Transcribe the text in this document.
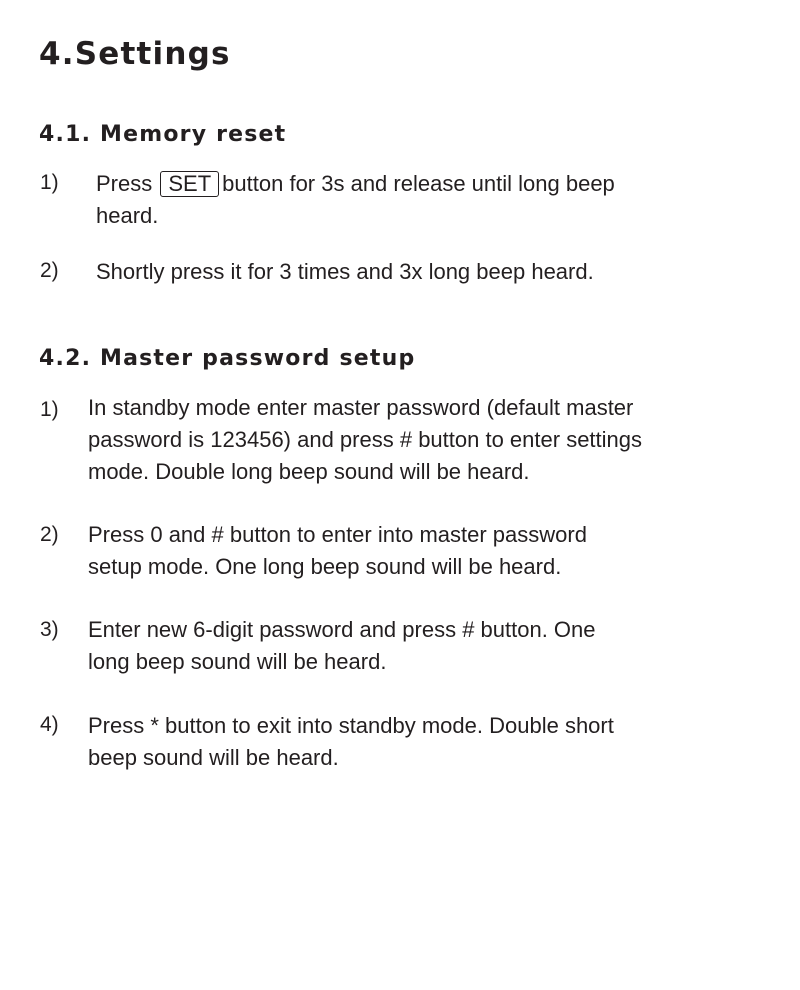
4.Settings
4.1. Memory reset
1) Press SET button for 3s and release until long beep
heard.
2) Shortly press it for 3 times and 3x long beep heard.
4.2. Master password setup
1) In standby mode enter master password (default master
password is 123456) and press # button to enter settings
mode. Double long beep sound will be heard.
2) Press 0 and # button to enter into master password
setup mode. One long beep sound will be heard.
3) Enter new 6-digit password and press # button. One
long beep sound will be heard.
4) Press * button to exit into standby mode. Double short
beep sound will be heard.
